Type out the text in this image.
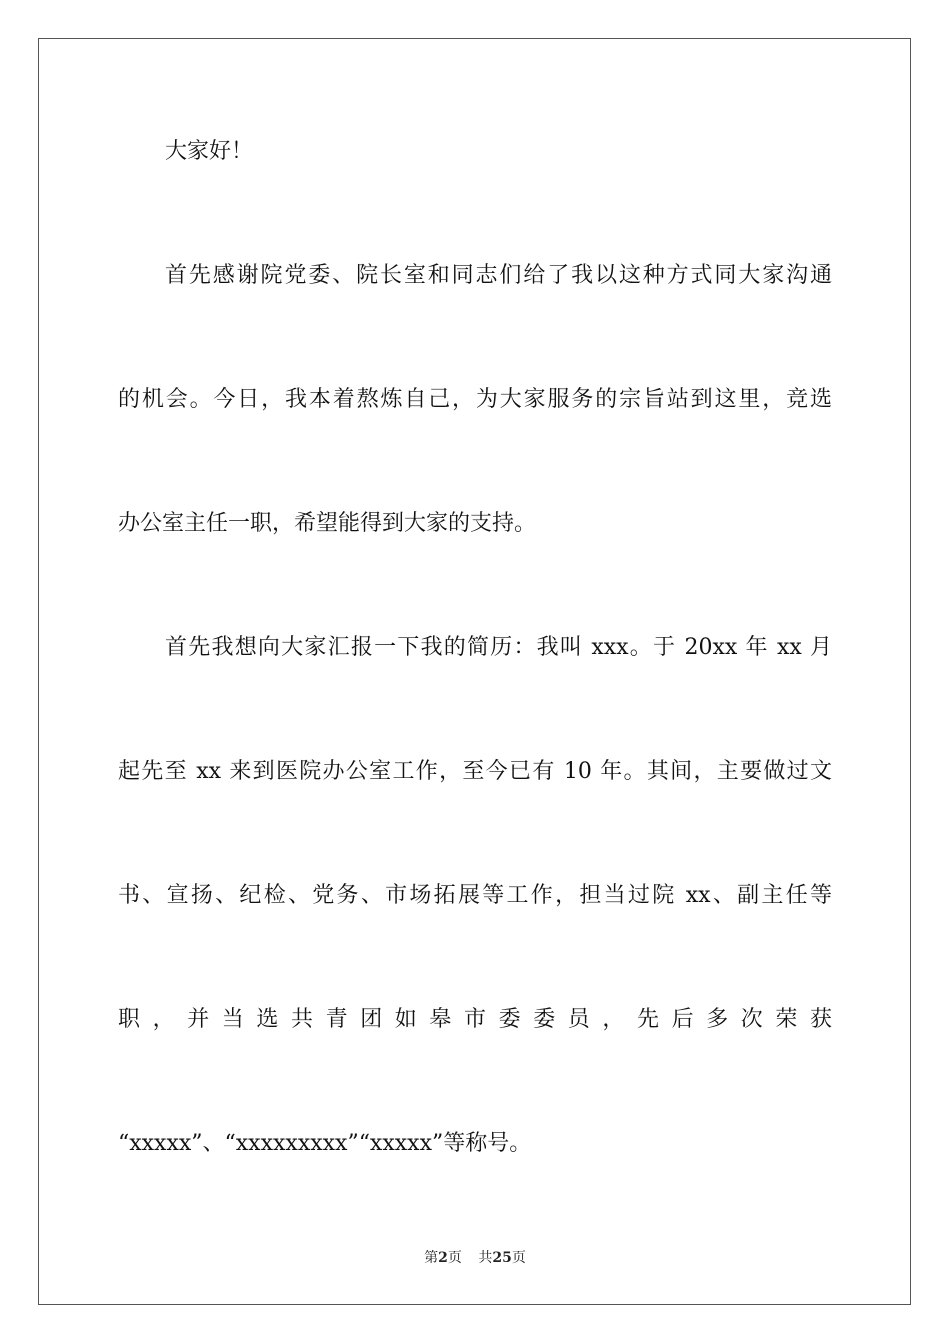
大家好！

首先感谢院党委、院长室和同志们给了我以这种方式同大家沟通

的机会。今日，我本着熬炼自己，为大家服务的宗旨站到这里，竞选

办公室主任一职，希望能得到大家的支持。

首先我想向大家汇报一下我的简历：我叫 xxx。于 20xx 年 xx 月

起先至 xx 来到医院办公室工作，至今已有 10 年。其间，主要做过文

书、宣扬、纪检、党务、市场拓展等工作，担当过院 xx、副主任等

职 ， 并 当 选 共 青 团 如 皋 市 委 委 员 ， 先 后 多 次 荣 获

“xxxxx”、“xxxxxxxxx”“xxxxx”等称号。

第2页 共25页
